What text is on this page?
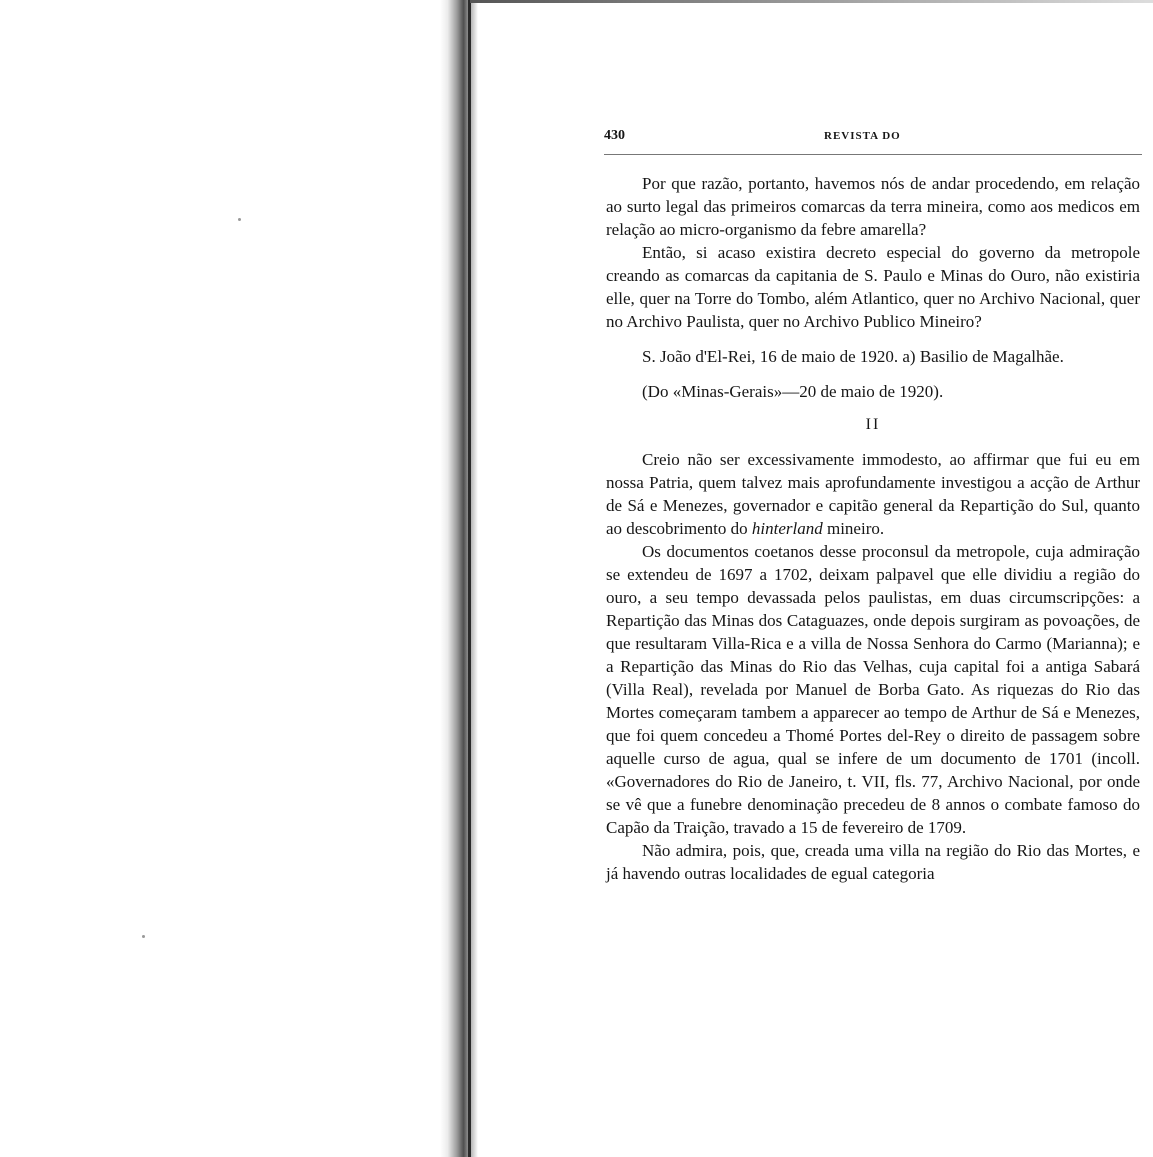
430	REVISTA DO

Por que razão, portanto, havemos nós de andar procedendo, em relação ao surto legal das primeiros comarcas da terra mineira, como aos medicos em relação ao micro-organismo da febre amarella?

Então, si acaso existira decreto especial do governo da metropole creando as comarcas da capitania de S. Paulo e Minas do Ouro, não existiria elle, quer na Torre do Tombo, além Atlantico, quer no Archivo Nacional, quer no Archivo Paulista, quer no Archivo Publico Mineiro?

S. João d'El-Rei, 16 de maio de 1920. a) Basilio de Magalhãe.

(Do «Minas-Gerais»—20 de maio de 1920).

II

Creio não ser excessivamente immodesto, ao affirmar que fui eu em nossa Patria, quem talvez mais aprofundamente investigou a acção de Arthur de Sá e Menezes, governador e capitão general da Repartição do Sul, quanto ao descobrimento do hinterland mineiro.

Os documentos coetanos desse proconsul da metropole, cuja admiração se extendeu de 1697 a 1702, deixam palpavel que elle dividiu a região do ouro, a seu tempo devassada pelos paulistas, em duas circumscripções: a Repartição das Minas dos Cataguazes, onde depois surgiram as povoações, de que resultaram Villa-Rica e a villa de Nossa Senhora do Carmo (Marianna); e a Repartição das Minas do Rio das Velhas, cuja capital foi a antiga Sabará (Villa Real), revelada por Manuel de Borba Gato. As riquezas do Rio das Mortes começaram tambem a apparecer ao tempo de Arthur de Sá e Menezes, que foi quem concedeu a Thomé Portes del-Rey o direito de passagem sobre aquelle curso de agua, qual se infere de um documento de 1701 (incoll. «Governadores do Rio de Janeiro, t. VII, fls. 77, Archivo Nacional, por onde se vê que a funebre denominação precedeu de 8 annos o combate famoso do Capão da Traição, travado a 15 de fevereiro de 1709.

Não admira, pois, que, creada uma villa na região do Rio das Mortes, e já havendo outras localidades de egual categoria
